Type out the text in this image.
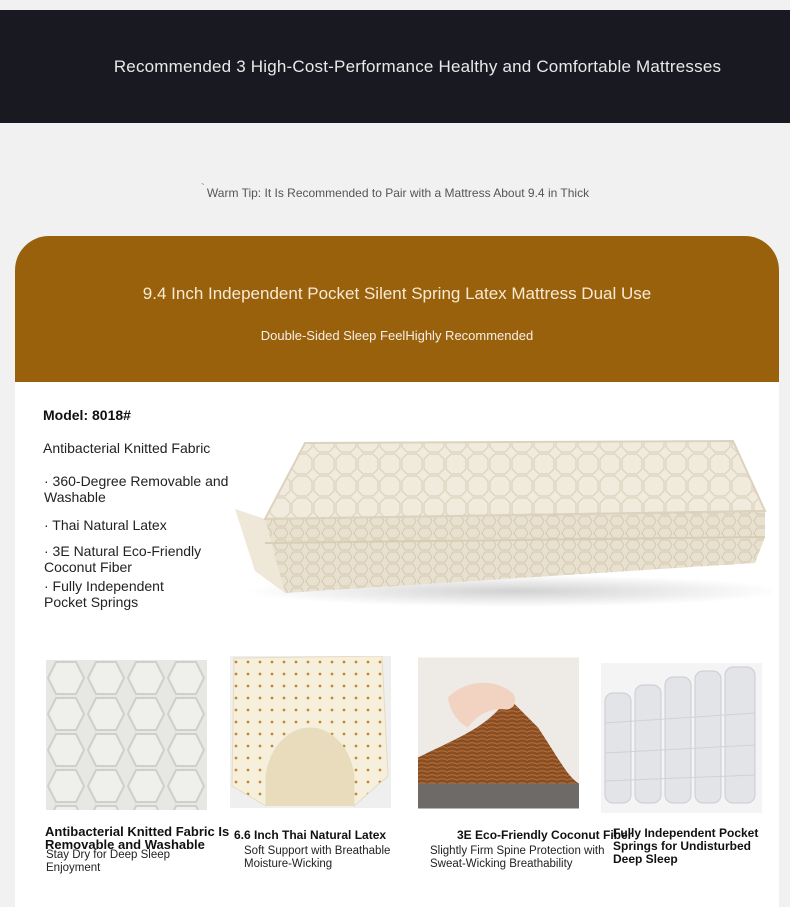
Recommended 3 High-Cost-Performance Healthy and Comfortable Mattresses
` Warm Tip: It Is Recommended to Pair with a Mattress About 9.4 in Thick
9.4 Inch Independent Pocket Silent Spring Latex Mattress Dual Use
Double-Sided Sleep FeelHighly Recommended
Model: 8018#
Antibacterial Knitted Fabric
· 360-Degree Removable and Washable
· Thai Natural Latex
· 3E Natural Eco-Friendly Coconut Fiber
· Fully Independent Pocket Springs
Antibacterial Knitted Fabric Is Removable and Washable
Stay Dry for Deep Sleep Enjoyment
6.6 Inch Thai Natural Latex
Soft Support with Breathable Moisture-Wicking
3E Eco-Friendly Coconut Fiber
Slightly Firm Spine Protection with Sweat-Wicking Breathability
Fully Independent Pocket Springs for Undisturbed Deep Sleep
